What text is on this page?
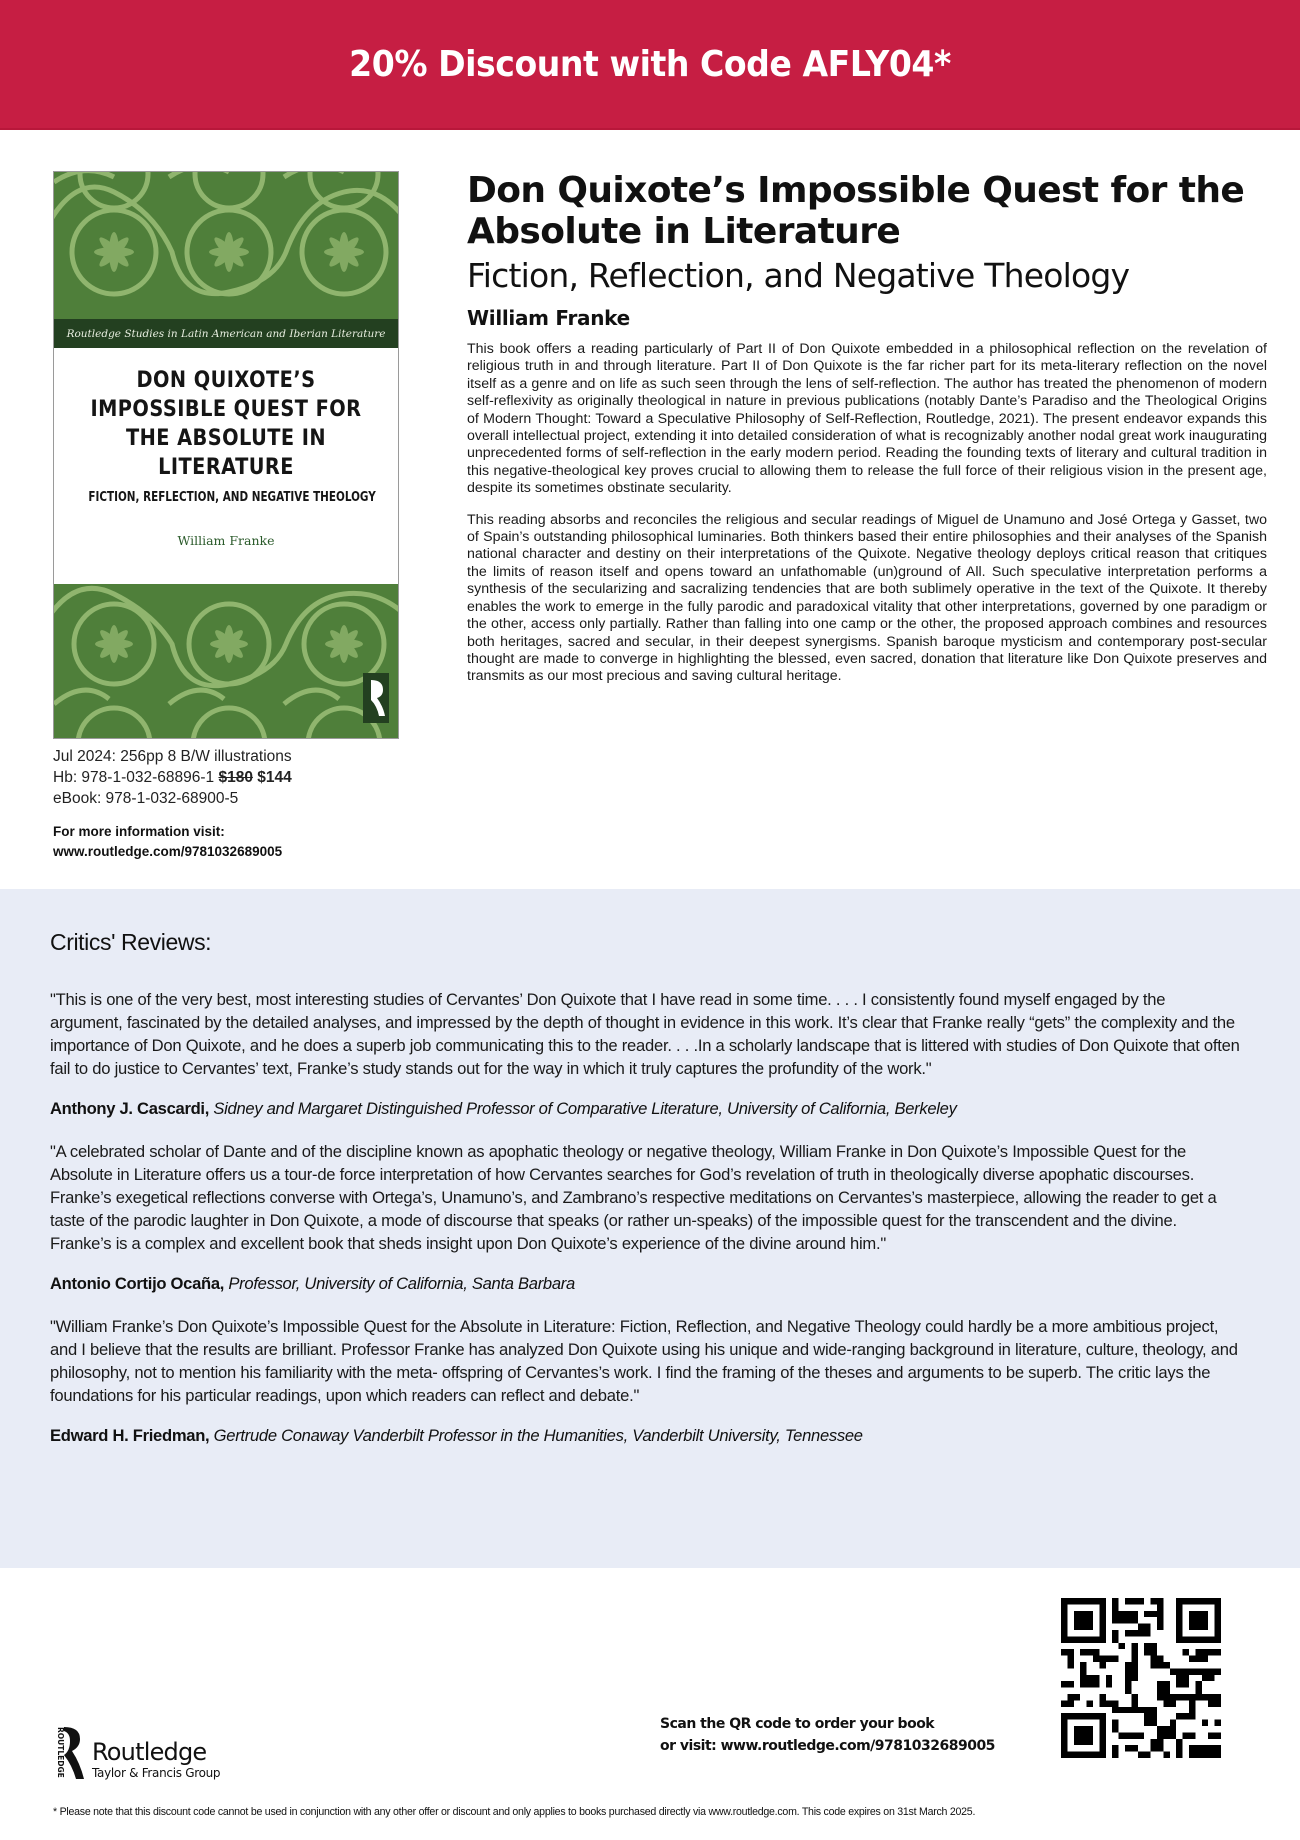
20% Discount with Code AFLY04*
Routledge Studies in Latin American and Iberian Literature
DON QUIXOTE’S
IMPOSSIBLE QUEST FOR
THE ABSOLUTE IN
LITERATURE
FICTION, REFLECTION, AND NEGATIVE THEOLOGY
William Franke
Jul 2024: 256pp 8 B/W illustrations
Hb: 978-1-032-68896-1 $180 $144
eBook: 978-1-032-68900-5
For more information visit:
www.routledge.com/9781032689005
Don Quixote’s Impossible Quest for the Absolute in Literature
Fiction, Reflection, and Negative Theology
William Franke

This book offers a reading particularly of Part II of Don Quixote embedded in a philosophical reflection on the revelation of religious truth in and through literature. Part II of Don Quixote is the far richer part for its meta-literary reflection on the novel itself as a genre and on life as such seen through the lens of self-reflection. The author has treated the phenomenon of modern self-reflexivity as originally theological in nature in previous publications (notably Dante’s Paradiso and the Theological Origins of Modern Thought: Toward a Speculative Philosophy of Self-Reflection, Routledge, 2021). The present endeavor expands this overall intellectual project, extending it into detailed consideration of what is recognizably another nodal great work inaugurating unprecedented forms of self-reflection in the early modern period. Reading the founding texts of literary and cultural tradition in this negative-theological key proves crucial to allowing them to release the full force of their religious vision in the present age, despite its sometimes obstinate secularity.

This reading absorbs and reconciles the religious and secular readings of Miguel de Unamuno and José Ortega y Gasset, two of Spain’s outstanding philosophical luminaries. Both thinkers based their entire philosophies and their analyses of the Spanish national character and destiny on their interpretations of the Quixote. Negative theology deploys critical reason that critiques the limits of reason itself and opens toward an unfathomable (un)ground of All. Such speculative interpretation performs a synthesis of the secularizing and sacralizing tendencies that are both sublimely operative in the text of the Quixote. It thereby enables the work to emerge in the fully parodic and paradoxical vitality that other interpretations, governed by one paradigm or the other, access only partially. Rather than falling into one camp or the other, the proposed approach combines and resources both heritages, sacred and secular, in their deepest synergisms. Spanish baroque mysticism and contemporary post-secular thought are made to converge in highlighting the blessed, even sacred, donation that literature like Don Quixote preserves and transmits as our most precious and saving cultural heritage.

Critics' Reviews:
"This is one of the very best, most interesting studies of Cervantes’ Don Quixote that I have read in some time. . . . I consistently found myself engaged by the argument, fascinated by the detailed analyses, and impressed by the depth of thought in evidence in this work. It’s clear that Franke really “gets” the complexity and the importance of Don Quixote, and he does a superb job communicating this to the reader. . . .In a scholarly landscape that is littered with studies of Don Quixote that often fail to do justice to Cervantes’ text, Franke’s study stands out for the way in which it truly captures the profundity of the work."
Anthony J. Cascardi, Sidney and Margaret Distinguished Professor of Comparative Literature, University of California, Berkeley
"A celebrated scholar of Dante and of the discipline known as apophatic theology or negative theology, William Franke in Don Quixote’s Impossible Quest for the Absolute in Literature offers us a tour-de force interpretation of how Cervantes searches for God’s revelation of truth in theologically diverse apophatic discourses. Franke’s exegetical reflections converse with Ortega’s, Unamuno’s, and Zambrano’s respective meditations on Cervantes’s masterpiece, allowing the reader to get a taste of the parodic laughter in Don Quixote, a mode of discourse that speaks (or rather un-speaks) of the impossible quest for the transcendent and the divine. Franke’s is a complex and excellent book that sheds insight upon Don Quixote’s experience of the divine around him."
Antonio Cortijo Ocaña, Professor, University of California, Santa Barbara
"William Franke’s Don Quixote’s Impossible Quest for the Absolute in Literature: Fiction, Reflection, and Negative Theology could hardly be a more ambitious project, and I believe that the results are brilliant. Professor Franke has analyzed Don Quixote using his unique and wide-ranging background in literature, culture, theology, and philosophy, not to mention his familiarity with the meta- offspring of Cervantes’s work. I find the framing of the theses and arguments to be superb. The critic lays the foundations for his particular readings, upon which readers can reflect and debate."
Edward H. Friedman, Gertrude Conaway Vanderbilt Professor in the Humanities, Vanderbilt University, Tennessee
ROUTLEDGE Routledge
Taylor & Francis Group
Scan the QR code to order your book
or visit: www.routledge.com/9781032689005
* Please note that this discount code cannot be used in conjunction with any other offer or discount and only applies to books purchased directly via www.routledge.com. This code expires on 31st March 2025.
